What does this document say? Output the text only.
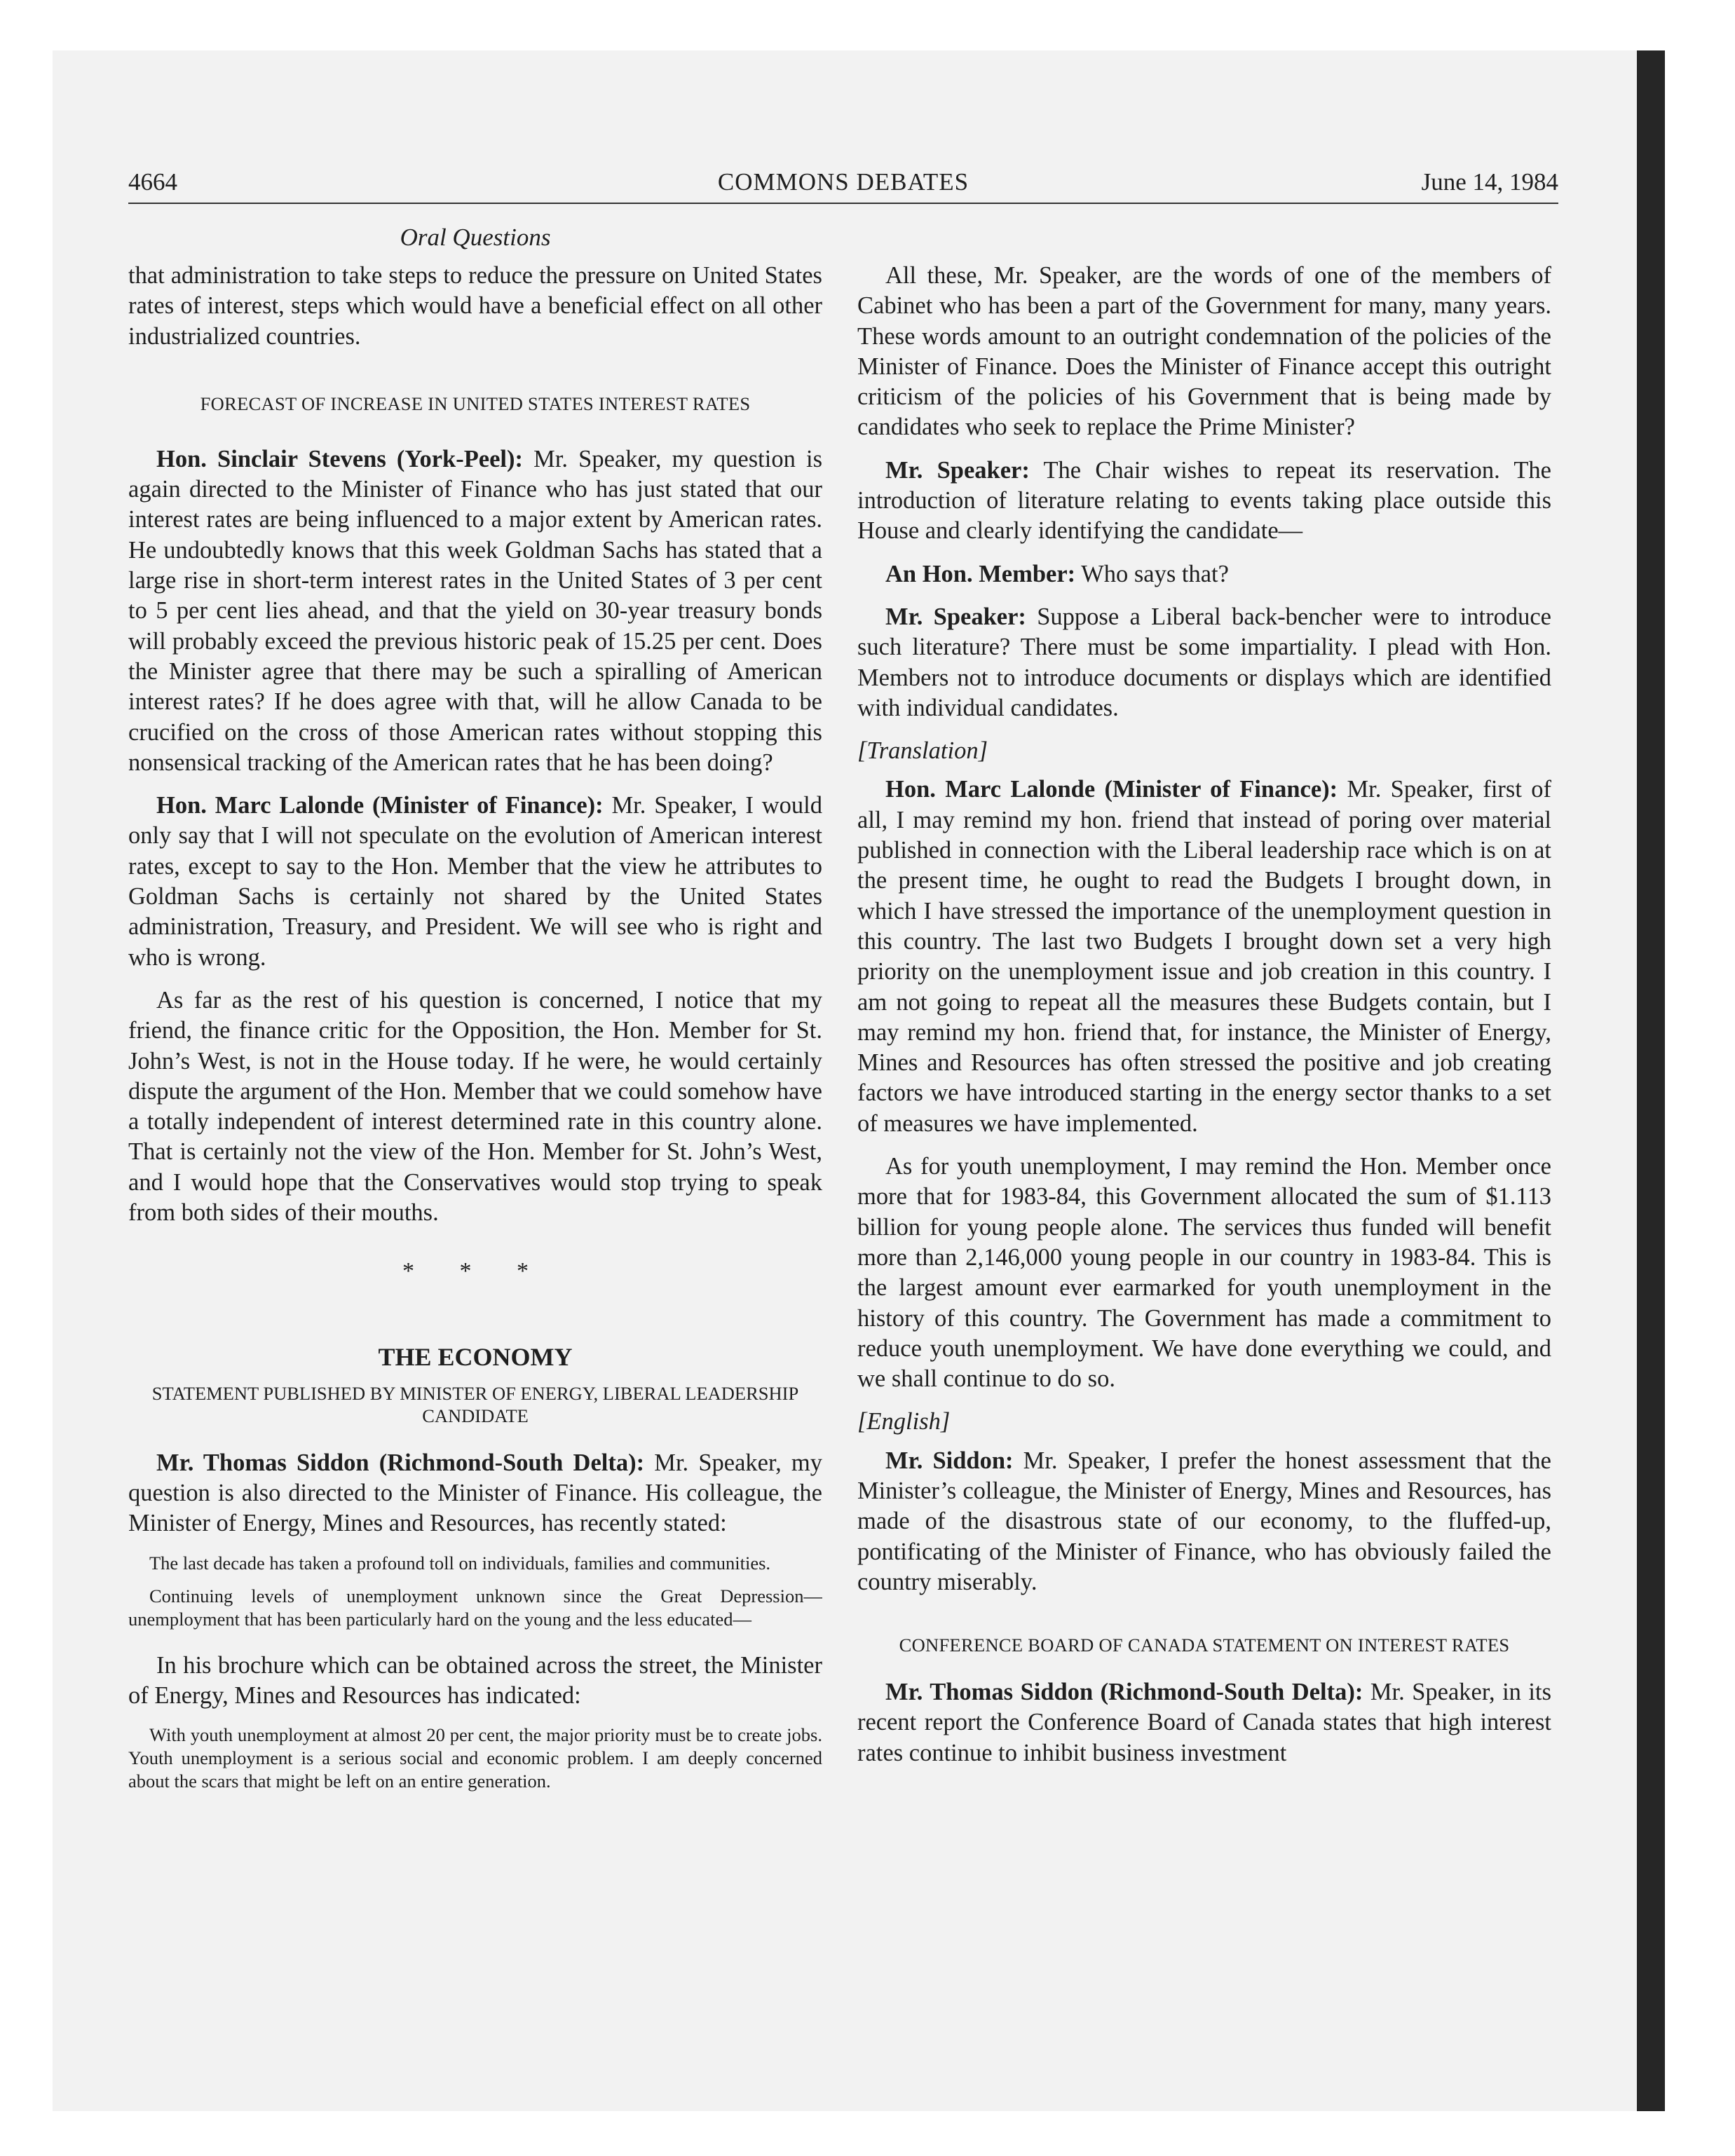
4664	COMMONS DEBATES	June 14, 1984
Oral Questions

that administration to take steps to reduce the pressure on United States rates of interest, steps which would have a beneficial effect on all other industrialized countries.

FORECAST OF INCREASE IN UNITED STATES INTEREST RATES

Hon. Sinclair Stevens (York-Peel): Mr. Speaker, my question is again directed to the Minister of Finance who has just stated that our interest rates are being influenced to a major extent by American rates. He undoubtedly knows that this week Goldman Sachs has stated that a large rise in short-term interest rates in the United States of 3 per cent to 5 per cent lies ahead, and that the yield on 30-year treasury bonds will probably exceed the previous historic peak of 15.25 per cent. Does the Minister agree that there may be such a spiralling of American interest rates? If he does agree with that, will he allow Canada to be crucified on the cross of those American rates without stopping this nonsensical tracking of the American rates that he has been doing?

Hon. Marc Lalonde (Minister of Finance): Mr. Speaker, I would only say that I will not speculate on the evolution of American interest rates, except to say to the Hon. Member that the view he attributes to Goldman Sachs is certainly not shared by the United States administration, Treasury, and President. We will see who is right and who is wrong.

As far as the rest of his question is concerned, I notice that my friend, the finance critic for the Opposition, the Hon. Member for St. John’s West, is not in the House today. If he were, he would certainly dispute the argument of the Hon. Member that we could somehow have a totally independent of interest determined rate in this country alone. That is certainly not the view of the Hon. Member for St. John’s West, and I would hope that the Conservatives would stop trying to speak from both sides of their mouths.

* * *

THE ECONOMY

STATEMENT PUBLISHED BY MINISTER OF ENERGY, LIBERAL LEADERSHIP CANDIDATE

Mr. Thomas Siddon (Richmond-South Delta): Mr. Speaker, my question is also directed to the Minister of Finance. His colleague, the Minister of Energy, Mines and Resources, has recently stated:

The last decade has taken a profound toll on individuals, families and communities.

Continuing levels of unemployment unknown since the Great Depression—unemployment that has been particularly hard on the young and the less educated—

In his brochure which can be obtained across the street, the Minister of Energy, Mines and Resources has indicated:

With youth unemployment at almost 20 per cent, the major priority must be to create jobs. Youth unemployment is a serious social and economic problem. I am deeply concerned about the scars that might be left on an entire generation.

All these, Mr. Speaker, are the words of one of the members of Cabinet who has been a part of the Government for many, many years. These words amount to an outright condemnation of the policies of the Minister of Finance. Does the Minister of Finance accept this outright criticism of the policies of his Government that is being made by candidates who seek to replace the Prime Minister?

Mr. Speaker: The Chair wishes to repeat its reservation. The introduction of literature relating to events taking place outside this House and clearly identifying the candidate—

An Hon. Member: Who says that?

Mr. Speaker: Suppose a Liberal back-bencher were to introduce such literature? There must be some impartiality. I plead with Hon. Members not to introduce documents or displays which are identified with individual candidates.

[Translation]

Hon. Marc Lalonde (Minister of Finance): Mr. Speaker, first of all, I may remind my hon. friend that instead of poring over material published in connection with the Liberal leadership race which is on at the present time, he ought to read the Budgets I brought down, in which I have stressed the importance of the unemployment question in this country. The last two Budgets I brought down set a very high priority on the unemployment issue and job creation in this country. I am not going to repeat all the measures these Budgets contain, but I may remind my hon. friend that, for instance, the Minister of Energy, Mines and Resources has often stressed the positive and job creating factors we have introduced starting in the energy sector thanks to a set of measures we have implemented.

As for youth unemployment, I may remind the Hon. Member once more that for 1983-84, this Government allocated the sum of $1.113 billion for young people alone. The services thus funded will benefit more than 2,146,000 young people in our country in 1983-84. This is the largest amount ever earmarked for youth unemployment in the history of this country. The Government has made a commitment to reduce youth unemployment. We have done everything we could, and we shall continue to do so.

[English]

Mr. Siddon: Mr. Speaker, I prefer the honest assessment that the Minister’s colleague, the Minister of Energy, Mines and Resources, has made of the disastrous state of our economy, to the fluffed-up, pontificating of the Minister of Finance, who has obviously failed the country miserably.

CONFERENCE BOARD OF CANADA STATEMENT ON INTEREST RATES

Mr. Thomas Siddon (Richmond-South Delta): Mr. Speaker, in its recent report the Conference Board of Canada states that high interest rates continue to inhibit business investment
